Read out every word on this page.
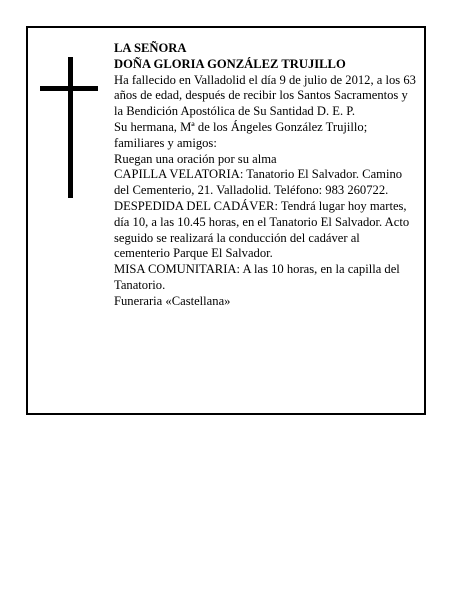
LA SEÑORA

DOÑA GLORIA GONZÁLEZ TRUJILLO

Ha fallecido en Valladolid el día 9 de julio de 2012, a los 63 años de edad, después de recibir los Santos Sacramentos y la Bendición Apostólica de Su Santidad D. E. P.

Su hermana, Mª de los Ángeles González Trujillo; familiares y amigos:

Ruegan una oración por su alma

CAPILLA VELATORIA: Tanatorio El Salvador. Camino del Cementerio, 21. Valladolid. Teléfono: 983 260722.

DESPEDIDA DEL CADÁVER: Tendrá lugar hoy martes, día 10, a las 10.45 horas, en el Tanatorio El Salvador. Acto seguido se realizará la conducción del cadáver al cementerio Parque El Salvador.

MISA COMUNITARIA: A las 10 horas, en la capilla del Tanatorio.

Funeraria «Castellana»
